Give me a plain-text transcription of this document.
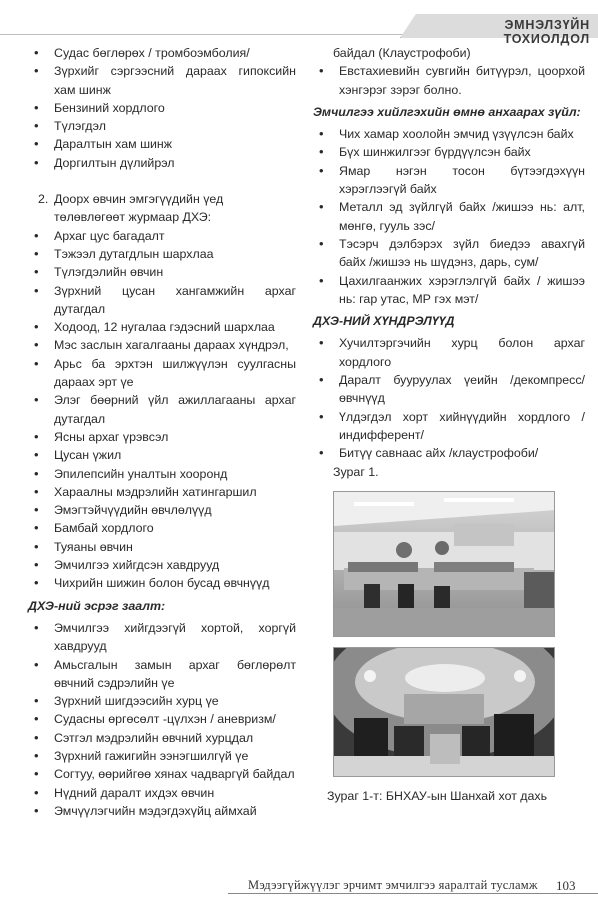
ЭМНЭЛЗҮЙН ТОХИОЛДОЛ
• Судас бөглөрөх / тромбоэмболия/
• Зүрхийг сэргээсний дараах гипоксийн хам шинж
• Бензиний хордлого
• Түлэгдэл
• Даралтын хам шинж
• Доргилтын дүлийрэл
2. Доорх өвчин эмгэгүүдийн үед төлөвлөгөөт журмаар ДХЭ:
• Архаг цус багадалт
• Тэжээл дутагдлын шархлаа
• Түлэгдэлийн өвчин
• Зүрхний цусан хангамжийн архаг дутагдал
• Ходоод, 12 нугалаа гэдэсний шархлаа
• Мэс заслын хагалгааны дараах хүндрэл,
• Арьс ба эрхтэн шилжүүлэн суулгасны дараах эрт үе
• Элэг бөөрний үйл ажиллагааны архаг дутагдал
• Ясны архаг үрэвсэл
• Цусан үжил
• Эпилепсийн уналтын хооронд
• Хараалны мэдрэлийн хатингаршил
• Эмэгтэйчүүдийн өвчлөлүүд
• Бамбай хордлого
• Туяаны өвчин
• Эмчилгээ хийгдсэн хавдрууд
• Чихрийн шижин болон бусад өвчнүүд
ДХЭ-ний эсрэг заалт:
• Эмчилгээ хийгдээгүй хортой, хоргүй хавдрууд
• Амьсгалын замын архаг бөглөрөлт өвчний сэдрэлийн үе
• Зүрхний шигдээсийн хурц үе
• Судасны өргөсөлт -цүлхэн / аневризм/
• Сэтгэл мэдрэлийн өвчний хурцдал
• Зүрхний гажигийн ээнэгшилгүй үе
• Согтуу, өөрийгөө хянах чадваргүй байдал
• Нүдний даралт ихдэх өвчин
• Эмчүүлэгчийн мэдэгдэхүйц аймхай
байдал (Клаустрофоби)
• Евстахиевийн сувгийн битүүрэл, цоорхой хэнгэрэг зэрэг болно.
Эмчилгээ хийлгэхийн өмнө анхаарах зүйл:
• Чих хамар хоолойн эмчид үзүүлсэн байх
• Бүх шинжилгээг бүрдүүлсэн байх
• Ямар нэгэн тосон бүтээгдэхүүн хэрэглээгүй байх
• Металл эд зүйлгүй байх /жишээ нь: алт, мөнгө, гууль зэс/
• Тэсэрч дэлбэрэх зүйл биедээ авахгүй байх /жишээ нь шүдэнз, дарь, сум/
• Цахилгаанжих хэрэглэлгүй байх / жишээ нь: гар утас, МР гэх мэт/
ДХЭ-НИЙ ХҮНДРЭЛҮҮД
• Хучилтэргэчийн хурц болон архаг хордлого
• Даралт бууруулах үеийн /декомпресс/ өвчнүүд
• Үлдэгдэл хорт хийнүүдийн хордлого / индифферент/
• Битүү савнаас айх /клаустрофоби/
Зураг 1.
Зураг 1-т: БНХАУ-ын Шанхай хот дахь
Мэдээгүйжүүлэг эрчимт эмчилгээ яаралтай тусламж 103
